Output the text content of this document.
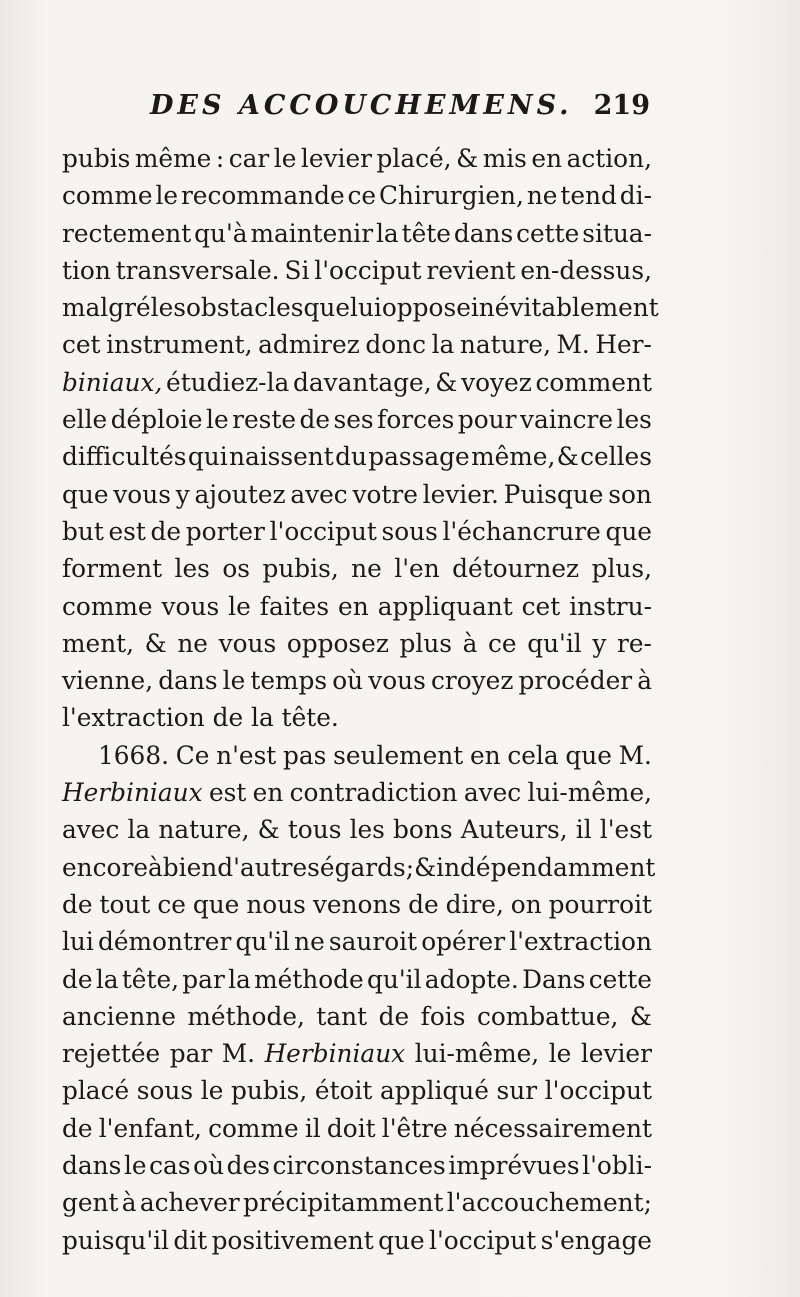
DES ACCOUCHEMENS. 219
pubis même : car le levier placé, & mis en action,
comme le recommande ce Chirurgien, ne tend di-
rectement qu'à maintenir la tête dans cette situa-
tion transversale. Si l'occiput revient en-dessus,
malgré les obstacles que lui oppose inévitablement
cet instrument, admirez donc la nature, M. Her-
biniaux, étudiez-la davantage, & voyez comment
elle déploie le reste de ses forces pour vaincre les
difficultés qui naissent du passage même, & celles
que vous y ajoutez avec votre levier. Puisque son
but est de porter l'occiput sous l'échancrure que
forment les os pubis, ne l'en détournez plus,
comme vous le faites en appliquant cet instru-
ment, & ne vous opposez plus à ce qu'il y re-
vienne, dans le temps où vous croyez procéder à
l'extraction de la tête.
1668. Ce n'est pas seulement en cela que M.
Herbiniaux est en contradiction avec lui-même,
avec la nature, & tous les bons Auteurs, il l'est
encore à bien d'autres égards; & indépendamment
de tout ce que nous venons de dire, on pourroit
lui démontrer qu'il ne sauroit opérer l'extraction
de la tête, par la méthode qu'il adopte. Dans cette
ancienne méthode, tant de fois combattue, &
rejettée par M. Herbiniaux lui-même, le levier
placé sous le pubis, étoit appliqué sur l'occiput
de l'enfant, comme il doit l'être nécessairement
dans le cas où des circonstances imprévues l'obli-
gent à achever précipitamment l'accouchement;
puisqu'il dit positivement que l'occiput s'engage
